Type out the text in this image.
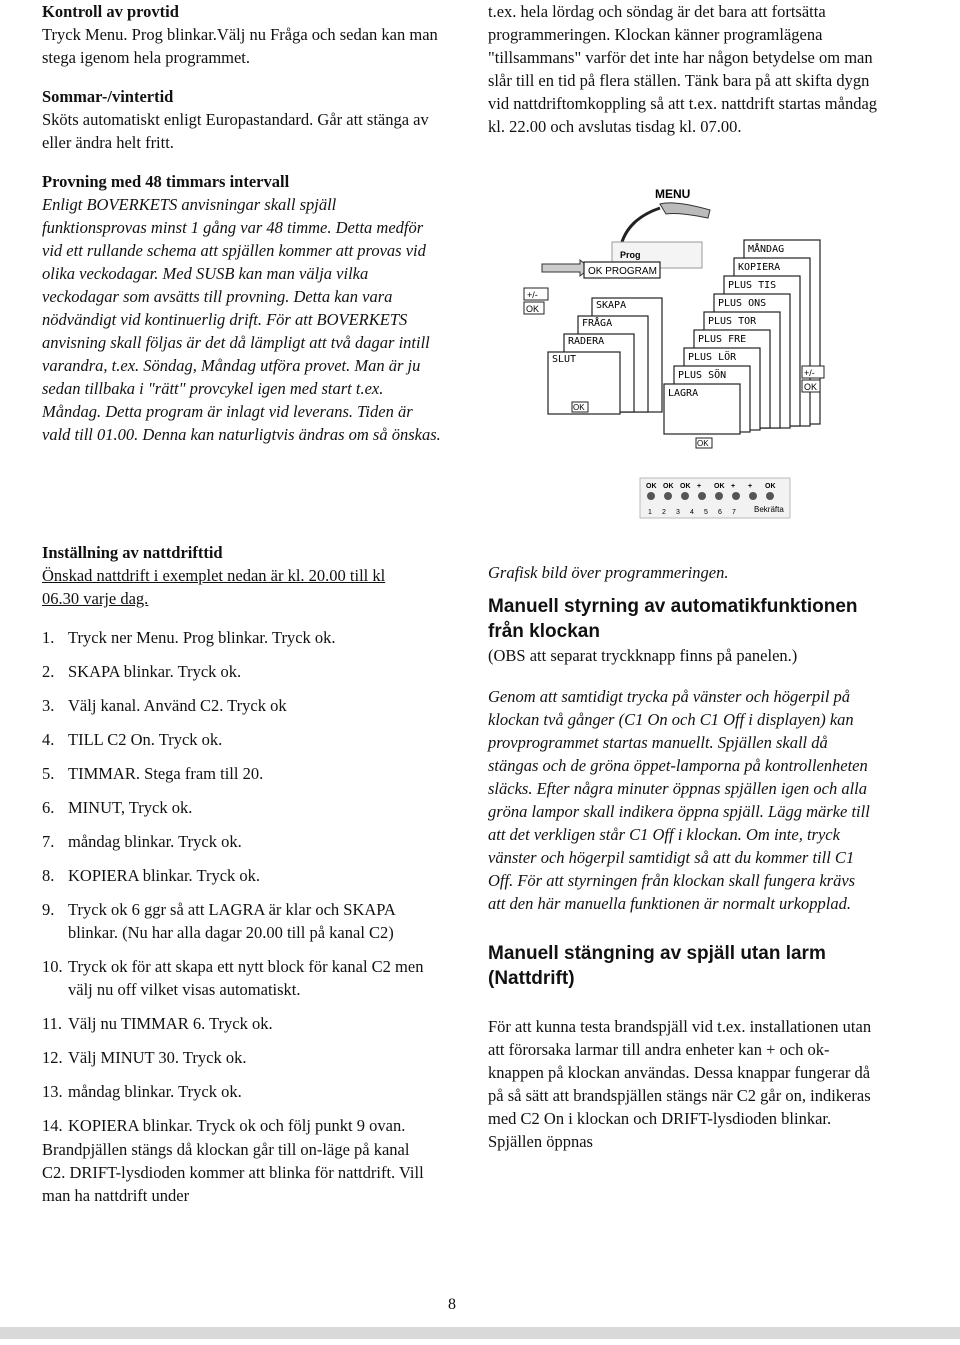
Kontroll av provtid

Tryck Menu. Prog blinkar.Välj nu Fråga och sedan kan man stega igenom hela programmet.

Sommar-/vintertid

Sköts automatiskt enligt Europastandard. Går att stänga av eller ändra helt fritt.

Provning med 48 timmars intervall

Enligt BOVERKETS anvisningar skall spjäll funktionsprovas minst 1 gång var 48 timme. Detta medför vid ett rullande schema att spjällen kommer att provas vid olika veckodagar. Med SUSB kan man välja vilka veckodagar som avsätts till provning. Detta kan vara nödvändigt vid kontinuerlig drift. För att BOVERKETS anvisning skall följas är det då lämpligt att två dagar intill varandra, t.ex. Söndag, Måndag utföra provet. Man är ju sedan tillbaka i "rätt" provcykel igen med start t.ex. Måndag. Detta program är inlagt vid leverans. Tiden är vald till 01.00. Denna kan naturligtvis ändras om så önskas.

t.ex. hela lördag och söndag är det bara att fortsätta programmeringen. Klockan känner programlägena "tillsammans" varför det inte har någon betydelse om man slår till en tid på flera ställen. Tänk bara på att skifta dygn vid nattdriftomkoppling så att t.ex. nattdrift startas måndag kl. 22.00 och avslutas tisdag kl. 07.00.

MENU
Prog
OK PROGRAM
+/-
OK	SKAPA
FRÅGA
RADERA
SLUT
OK
MÅNDAG
KOPIERA
PLUS TIS
PLUS ONS
PLUS TOR
PLUS FRE
PLUS LÖR
PLUS SÖN
LAGRA
OK
+/-
OK
OK OK OK + OK + + OK
1 2 3 4 5 6 7 Bekräfta

Inställning av nattdrifttid

Önskad nattdrift i exemplet nedan är kl. 20.00 till kl 06.30 varje dag.

1. Tryck ner Menu. Prog blinkar. Tryck ok.
2. SKAPA blinkar. Tryck ok.
3. Välj kanal. Använd C2. Tryck ok
4. TILL C2 On. Tryck ok.
5. TIMMAR. Stega fram till 20.
6. MINUT, Tryck ok.
7. måndag blinkar. Tryck ok.
8. KOPIERA blinkar. Tryck ok.
9. Tryck ok 6 ggr så att LAGRA är klar och SKAPA blinkar. (Nu har alla dagar 20.00 till på kanal C2)
10. Tryck ok för att skapa ett nytt block för kanal C2 men välj nu off vilket visas automatiskt.
11. Välj nu TIMMAR 6. Tryck ok.
12. Välj MINUT 30. Tryck ok.
13. måndag blinkar. Tryck ok.
14. KOPIERA blinkar. Tryck ok och följ punkt 9 ovan.

Brandpjällen stängs då klockan går till on-läge på kanal C2. DRIFT-lysdioden kommer att blinka för nattdrift. Vill man ha nattdrift under

Grafisk bild över programmeringen.

Manuell styrning av automatikfunktionen från klockan

(OBS att separat tryckknapp finns på panelen.)

Genom att samtidigt trycka på vänster och högerpil på klockan två gånger (C1 On och C1 Off i displayen) kan provprogrammet startas manuellt. Spjällen skall då stängas och de gröna öppet-lamporna på kontrollenheten släcks. Efter några minuter öppnas spjällen igen och alla gröna lampor skall indikera öppna spjäll. Lägg märke till att det verkligen står C1 Off i klockan. Om inte, tryck vänster och högerpil samtidigt så att du kommer till C1 Off. För att styrningen från klockan skall fungera krävs att den här manuella funktionen är normalt urkopplad.

Manuell stängning av spjäll utan larm (Nattdrift)

För att kunna testa brandspjäll vid t.ex. installationen utan att förorsaka larmar till andra enheter kan + och ok-knappen på klockan användas. Dessa knappar fungerar då på så sätt att brandspjällen stängs när C2 går on, indikeras med C2 On i klockan och DRIFT-lysdioden blinkar. Spjällen öppnas

8
